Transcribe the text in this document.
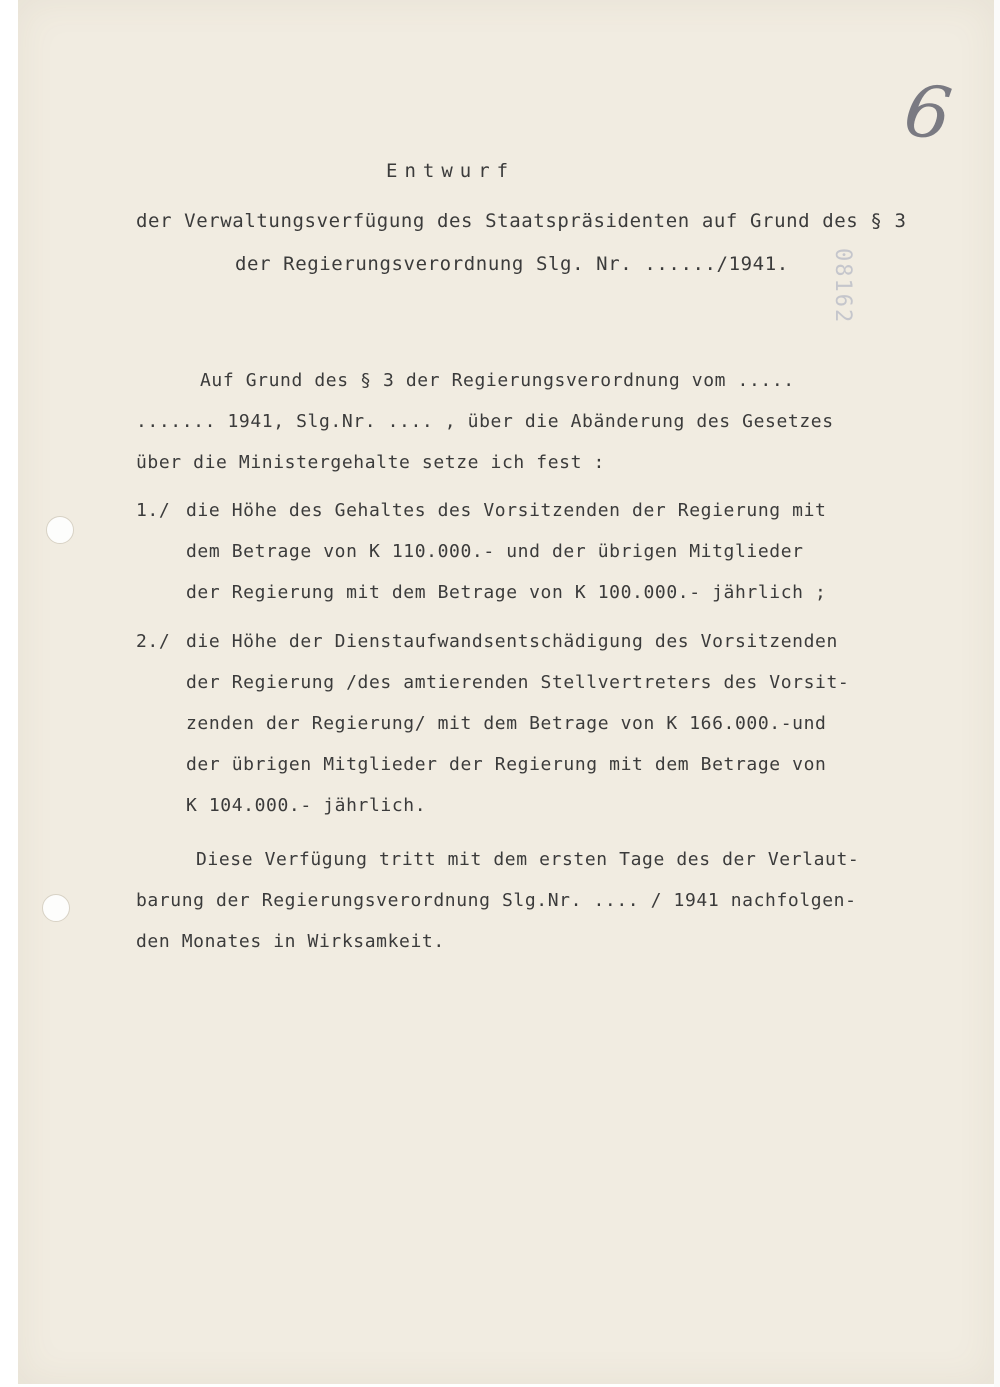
6
08162
Entwurf
der Verwaltungsverfügung des Staatspräsidenten auf Grund des § 3
der Regierungsverordnung Slg. Nr. ....../1941.
Auf Grund des § 3 der Regierungsverordnung vom .....
....... 1941, Slg.Nr. .... , über die Abänderung des Gesetzes
über die Ministergehalte setze ich fest :
1./ die Höhe des Gehaltes des Vorsitzenden der Regierung mit
dem Betrage von K 110.000.- und der übrigen Mitglieder
der Regierung mit dem Betrage von K 100.000.- jährlich ;
2./ die Höhe der Dienstaufwandsentschädigung des Vorsitzenden
der Regierung /des amtierenden Stellvertreters des Vorsit-
zenden der Regierung/ mit dem Betrage von K 166.000.-und
der übrigen Mitglieder der Regierung mit dem Betrage von
K 104.000.- jährlich.
Diese Verfügung tritt mit dem ersten Tage des der Verlaut-
barung der Regierungsverordnung Slg.Nr. .... / 1941 nachfolgen-
den Monates in Wirksamkeit.
